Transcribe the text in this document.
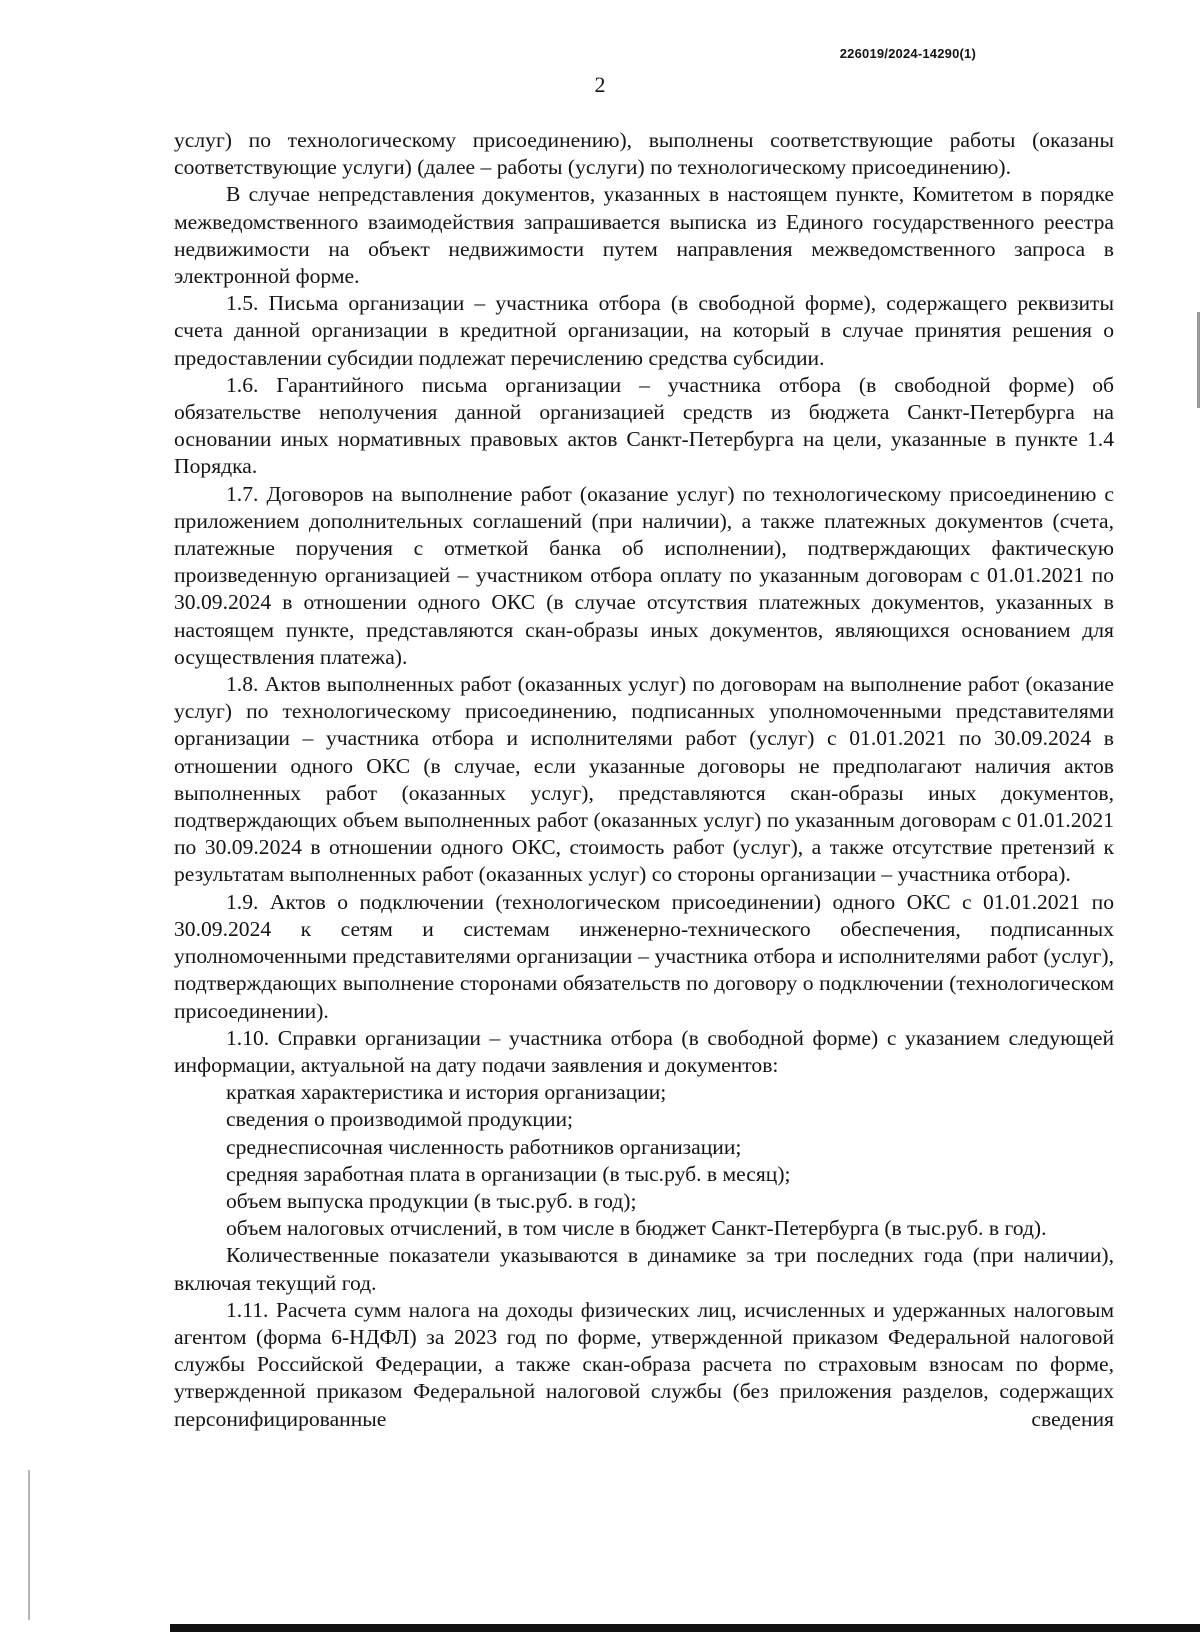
226019/2024-14290(1)
2

услуг) по технологическому присоединению), выполнены соответствующие работы (оказаны соответствующие услуги) (далее – работы (услуги) по технологическому присоединению).

В случае непредставления документов, указанных в настоящем пункте, Комитетом в порядке межведомственного взаимодействия запрашивается выписка из Единого государственного реестра недвижимости на объект недвижимости путем направления межведомственного запроса в электронной форме.

1.5. Письма организации – участника отбора (в свободной форме), содержащего реквизиты счета данной организации в кредитной организации, на который в случае принятия решения о предоставлении субсидии подлежат перечислению средства субсидии.

1.6. Гарантийного письма организации – участника отбора (в свободной форме) об обязательстве неполучения данной организацией средств из бюджета Санкт-Петербурга на основании иных нормативных правовых актов Санкт-Петербурга на цели, указанные в пункте 1.4 Порядка.

1.7. Договоров на выполнение работ (оказание услуг) по технологическому присоединению с приложением дополнительных соглашений (при наличии), а также платежных документов (счета, платежные поручения с отметкой банка об исполнении), подтверждающих фактическую произведенную организацией – участником отбора оплату по указанным договорам с 01.01.2021 по 30.09.2024 в отношении одного ОКС (в случае отсутствия платежных документов, указанных в настоящем пункте, представляются скан-образы иных документов, являющихся основанием для осуществления платежа).

1.8. Актов выполненных работ (оказанных услуг) по договорам на выполнение работ (оказание услуг) по технологическому присоединению, подписанных уполномоченными представителями организации – участника отбора и исполнителями работ (услуг) с 01.01.2021 по 30.09.2024 в отношении одного ОКС (в случае, если указанные договоры не предполагают наличия актов выполненных работ (оказанных услуг), представляются скан-образы иных документов, подтверждающих объем выполненных работ (оказанных услуг) по указанным договорам с 01.01.2021 по 30.09.2024 в отношении одного ОКС, стоимость работ (услуг), а также отсутствие претензий к результатам выполненных работ (оказанных услуг) со стороны организации – участника отбора).

1.9. Актов о подключении (технологическом присоединении) одного ОКС с 01.01.2021 по 30.09.2024 к сетям и системам инженерно-технического обеспечения, подписанных уполномоченными представителями организации – участника отбора и исполнителями работ (услуг), подтверждающих выполнение сторонами обязательств по договору о подключении (технологическом присоединении).

1.10. Справки организации – участника отбора (в свободной форме) с указанием следующей информации, актуальной на дату подачи заявления и документов:

краткая характеристика и история организации;

сведения о производимой продукции;

среднесписочная численность работников организации;

средняя заработная плата в организации (в тыс.руб. в месяц);

объем выпуска продукции (в тыс.руб. в год);

объем налоговых отчислений, в том числе в бюджет Санкт-Петербурга (в тыс.руб. в год).

Количественные показатели указываются в динамике за три последних года (при наличии), включая текущий год.

1.11. Расчета сумм налога на доходы физических лиц, исчисленных и удержанных налоговым агентом (форма 6-НДФЛ) за 2023 год по форме, утвержденной приказом Федеральной налоговой службы Российской Федерации, а также скан-образа расчета по страховым взносам по форме, утвержденной приказом Федеральной налоговой службы (без приложения разделов, содержащих персонифицированные сведения
